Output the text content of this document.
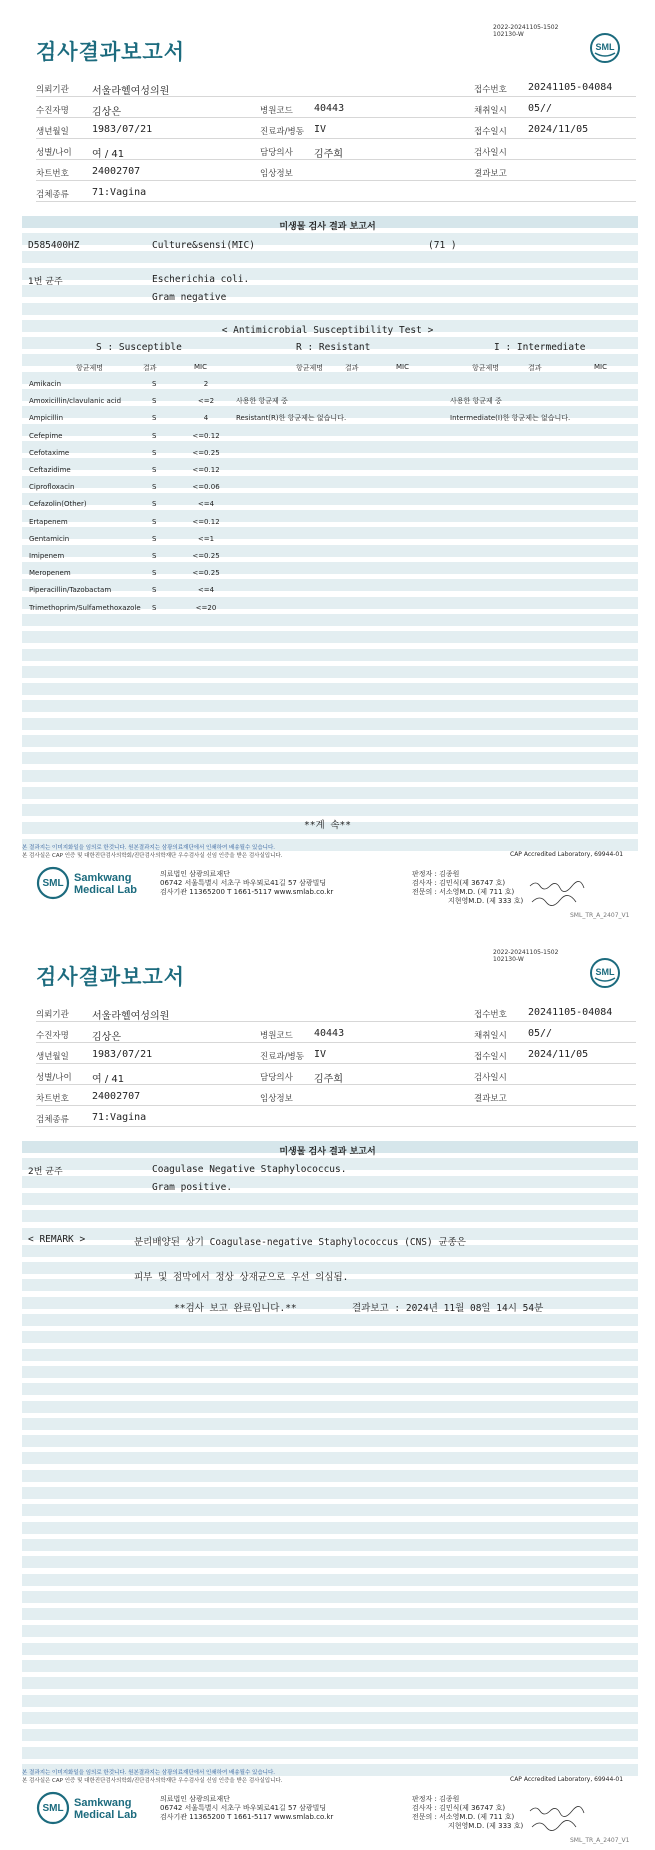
2022-20241105-1502
102130-W
검사결과보고서	SML
의뢰기관 서울라헬여성의원	접수번호 20241105-04084
수진자명 김상은	병원코드 40443	채취일시 05//
생년월일 1983/07/21	진료과/병동 IV	접수일시 2024/11/05
성별/나이 여 / 41	담당의사 김주희	검사일시
차트번호 24002707	임상정보	결과보고
검체종류 71:Vagina
미생물 검사 결과 보고서
D585400HZ	Culture&sensi(MIC)	(71 )
1번 균주	Escherichia coli.
Gram negative
< Antimicrobial Susceptibility Test >
S : Susceptible	R : Resistant	I : Intermediate
항균제명	결과	MIC	항균제명	결과	MIC	항균제명	결과	MIC
사용한 항균제 중
Resistant(R)한 항균제는 없습니다.
사용한 항균제 중
Intermediate(I)한 항균제는 없습니다.
Amikacin	S	2
Amoxicillin/clavulanic acid	S	<=2
Ampicillin	S	4
Cefepime	S	<=0.12
Cefotaxime	S	<=0.25
Ceftazidime	S	<=0.12
Ciprofloxacin	S	<=0.06
Cefazolin(Other)	S	<=4
Ertapenem	S	<=0.12
Gentamicin	S	<=1
Imipenem	S	<=0.25
Meropenem	S	<=0.25
Piperacillin/Tazobactam	S	<=4
Trimethoprim/Sulfamethoxazole S	<=20
**계 속**
본 결과지는 이미지화일을 임의로 한것니다. 원본결과지는 삼광의료재단에서 인쇄하여 배송될수 있습니다.
본 검사실은 CAP 인증 및 대한진단검사의학회/진단검사의학재단 우수검사실 신임 인증을 받은 검사실입니다.	CAP Accredited Laboratory, 69944-01
SML Samkwang
Medical Lab
의료법인 삼광의료재단
06742 서울특별시 서초구 바우뫼로41길 57 삼광빌딩
검사기관 11365200 T 1661-5117 www.smlab.co.kr
판정자 : 김종원
검사자 : 김민식(제 36747 호)
전문의 : 서소영M.D. (제 711 호)
지현영M.D. (제 333 호)
SML_TR_A_2407_V1
2022-20241105-1502
102130-W
검사결과보고서	SML
의뢰기관 서울라헬여성의원	접수번호 20241105-04084
수진자명 김상은	병원코드 40443	채취일시 05//
생년월일 1983/07/21	진료과/병동 IV	접수일시 2024/11/05
성별/나이 여 / 41	담당의사 김주희	검사일시
차트번호 24002707	임상정보	결과보고
검체종류 71:Vagina
미생물 검사 결과 보고서
2번 균주	Coagulase Negative Staphylococcus.
Gram positive.
< REMARK >	분리배양된 상기 Coagulase-negative Staphylococcus (CNS) 균종은
피부 및 점막에서 정상 상재균으로 우선 의심됨.
**검사 보고 완료입니다.**	결과보고 : 2024년 11월 08일 14시 54분
본 결과지는 이미지화일을 임의로 한것니다. 원본결과지는 삼광의료재단에서 인쇄하여 배송될수 있습니다.
본 검사실은 CAP 인증 및 대한진단검사의학회/진단검사의학재단 우수검사실 신임 인증을 받은 검사실입니다.	CAP Accredited Laboratory, 69944-01
SML Samkwang
Medical Lab
의료법인 삼광의료재단
06742 서울특별시 서초구 바우뫼로41길 57 삼광빌딩
검사기관 11365200 T 1661-5117 www.smlab.co.kr
판정자 : 김종원
검사자 : 김민식(제 36747 호)
전문의 : 서소영M.D. (제 711 호)
지현영M.D. (제 333 호)
SML_TR_A_2407_V1
